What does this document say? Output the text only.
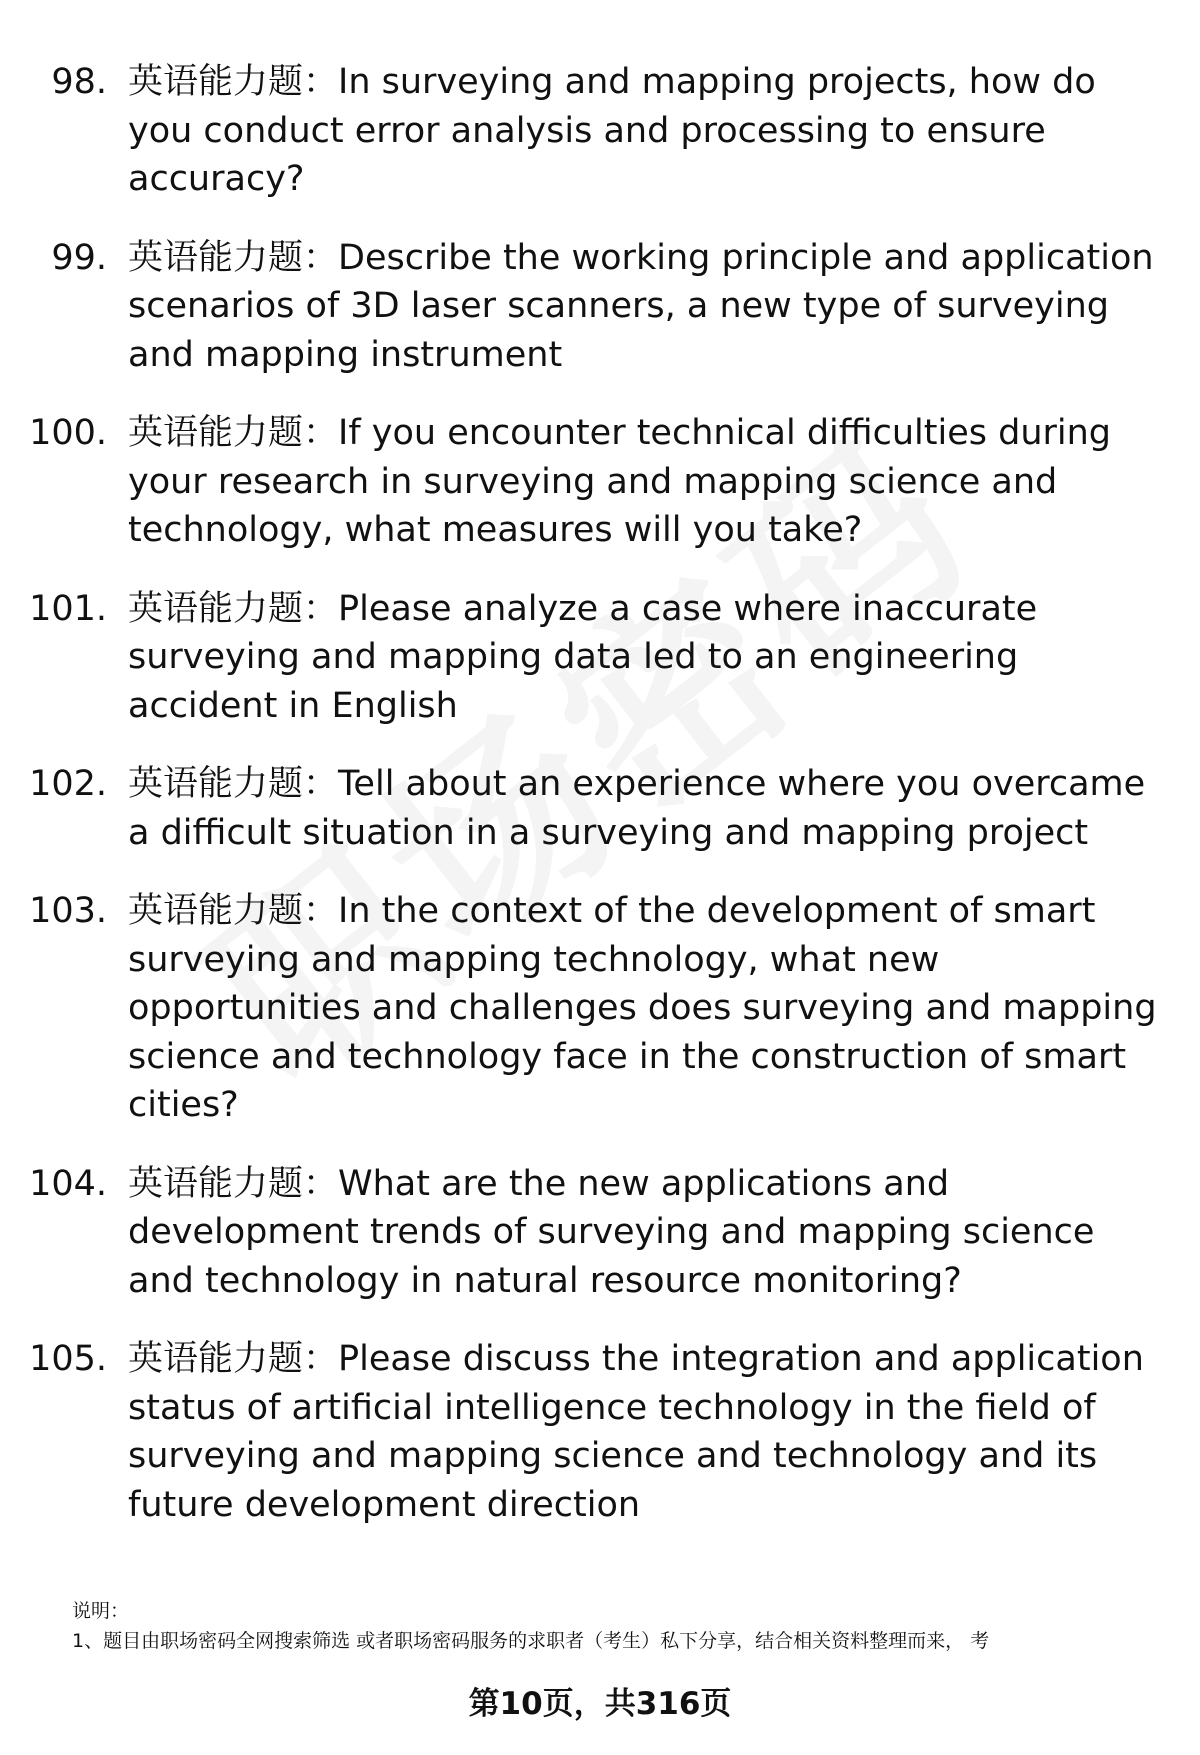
98. 英语能力题：In surveying and mapping projects, how do you conduct error analysis and processing to ensure accuracy?
99. 英语能力题：Describe the working principle and application scenarios of 3D laser scanners, a new type of surveying and mapping instrument
100. 英语能力题：If you encounter technical difficulties during your research in surveying and mapping science and technology, what measures will you take?
101. 英语能力题：Please analyze a case where inaccurate surveying and mapping data led to an engineering accident in English
102. 英语能力题：Tell about an experience where you overcame a difficult situation in a surveying and mapping project
103. 英语能力题：In the context of the development of smart surveying and mapping technology, what new opportunities and challenges does surveying and mapping science and technology face in the construction of smart cities?
104. 英语能力题：What are the new applications and development trends of surveying and mapping science and technology in natural resource monitoring?
105. 英语能力题：Please discuss the integration and application status of artificial intelligence technology in the field of surveying and mapping science and technology and its future development direction
说明：
1、题目由职场密码全网搜索筛选 或者职场密码服务的求职者（考生）私下分享，结合相关资料整理而来， 考
第10页，共316页
